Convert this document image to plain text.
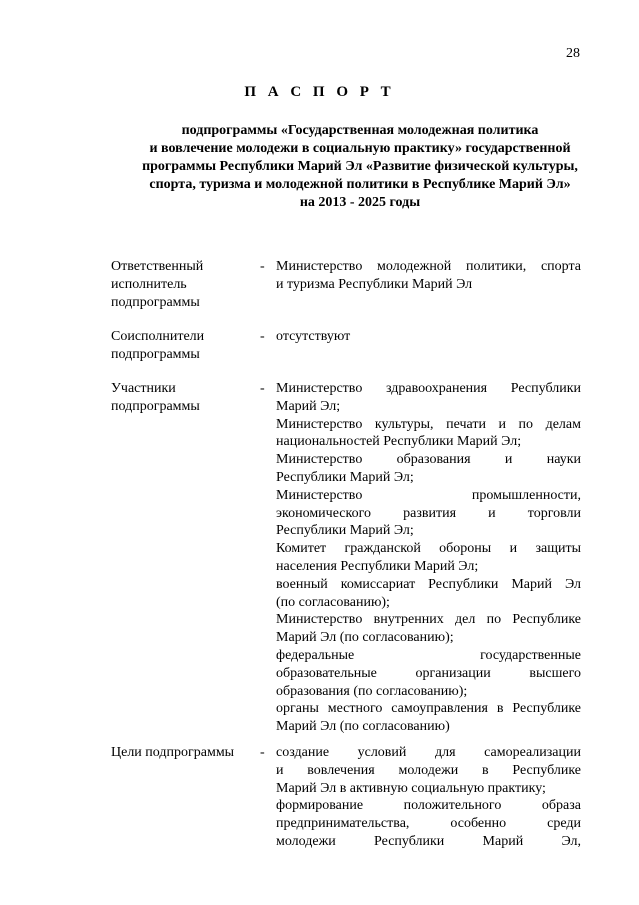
28
П А С П О Р Т
подпрограммы «Государственная молодежная политика
и вовлечение молодежи в социальную практику» государственной
программы Республики Марий Эл «Развитие физической культуры,
спорта, туризма и молодежной политики в Республике Марий Эл»
на 2013 - 2025 годы
Ответственный
исполнитель
подпрограммы
- Министерство молодежной политики, спорта
и туризма Республики Марий Эл
Соисполнители
подпрограммы
- отсутствуют
Участники
подпрограммы
- Министерство здравоохранения Республики
Марий Эл;
Министерство культуры, печати и по делам
национальностей Республики Марий Эл;
Министерство образования и науки
Республики Марий Эл;
Министерство промышленности,
экономического развития и торговли
Республики Марий Эл;
Комитет гражданской обороны и защиты
населения Республики Марий Эл;
военный комиссариат Республики Марий Эл
(по согласованию);
Министерство внутренних дел по Республике
Марий Эл (по согласованию);
федеральные государственные
образовательные организации высшего
образования (по согласованию);
органы местного самоуправления в Республике
Марий Эл (по согласованию)
Цели подпрограммы	- создание условий для самореализации
и вовлечения молодежи в Республике
Марий Эл в активную социальную практику;
формирование положительного образа
предпринимательства, особенно среди
молодежи Республики Марий Эл,
